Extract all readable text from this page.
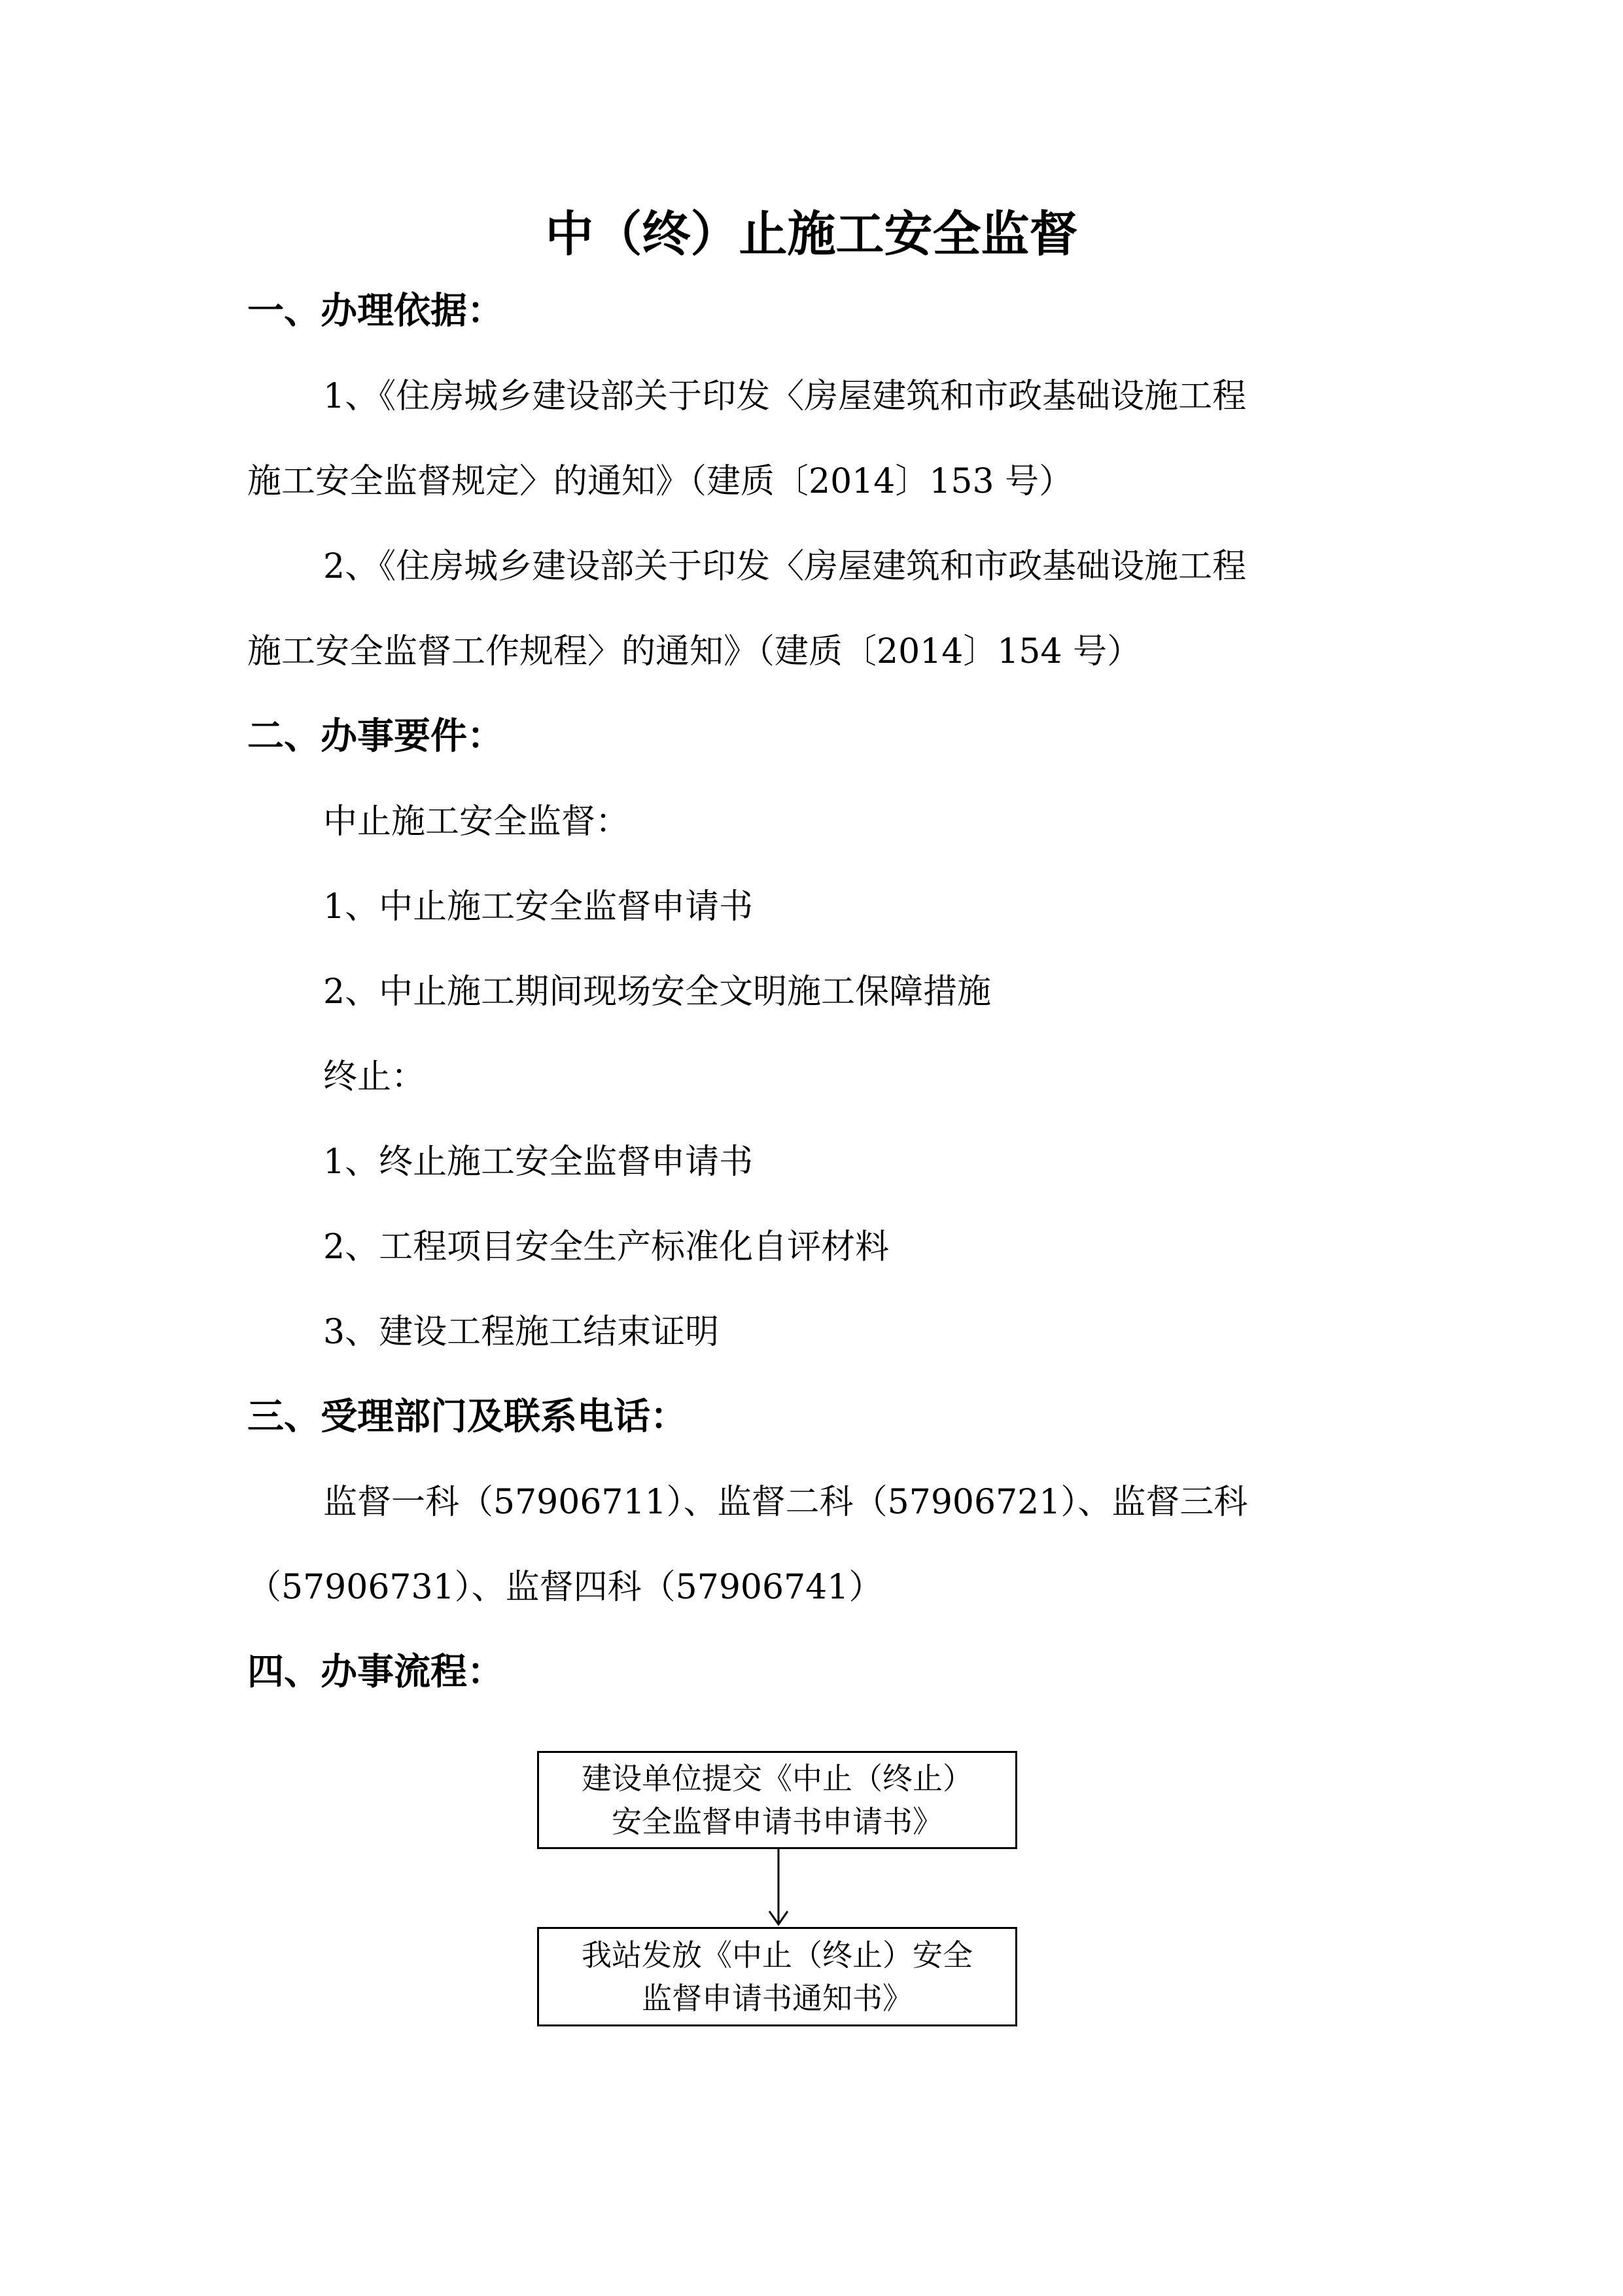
中（终）止施工安全监督
一、办理依据：
1、《住房城乡建设部关于印发〈房屋建筑和市政基础设施工程
施工安全监督规定〉的通知》（建质〔2014〕153 号）
2、《住房城乡建设部关于印发〈房屋建筑和市政基础设施工程
施工安全监督工作规程〉的通知》（建质〔2014〕154 号）
二、办事要件：
中止施工安全监督：
1、中止施工安全监督申请书
2、中止施工期间现场安全文明施工保障措施
终止：
1、终止施工安全监督申请书
2、工程项目安全生产标准化自评材料
3、建设工程施工结束证明
三、受理部门及联系电话：
监督一科（57906711）、监督二科（57906721）、监督三科
（57906731）、监督四科（57906741）
四、办事流程：
建设单位提交《中止（终止）
安全监督申请书申请书》
我站发放《中止（终止）安全
监督申请书通知书》
